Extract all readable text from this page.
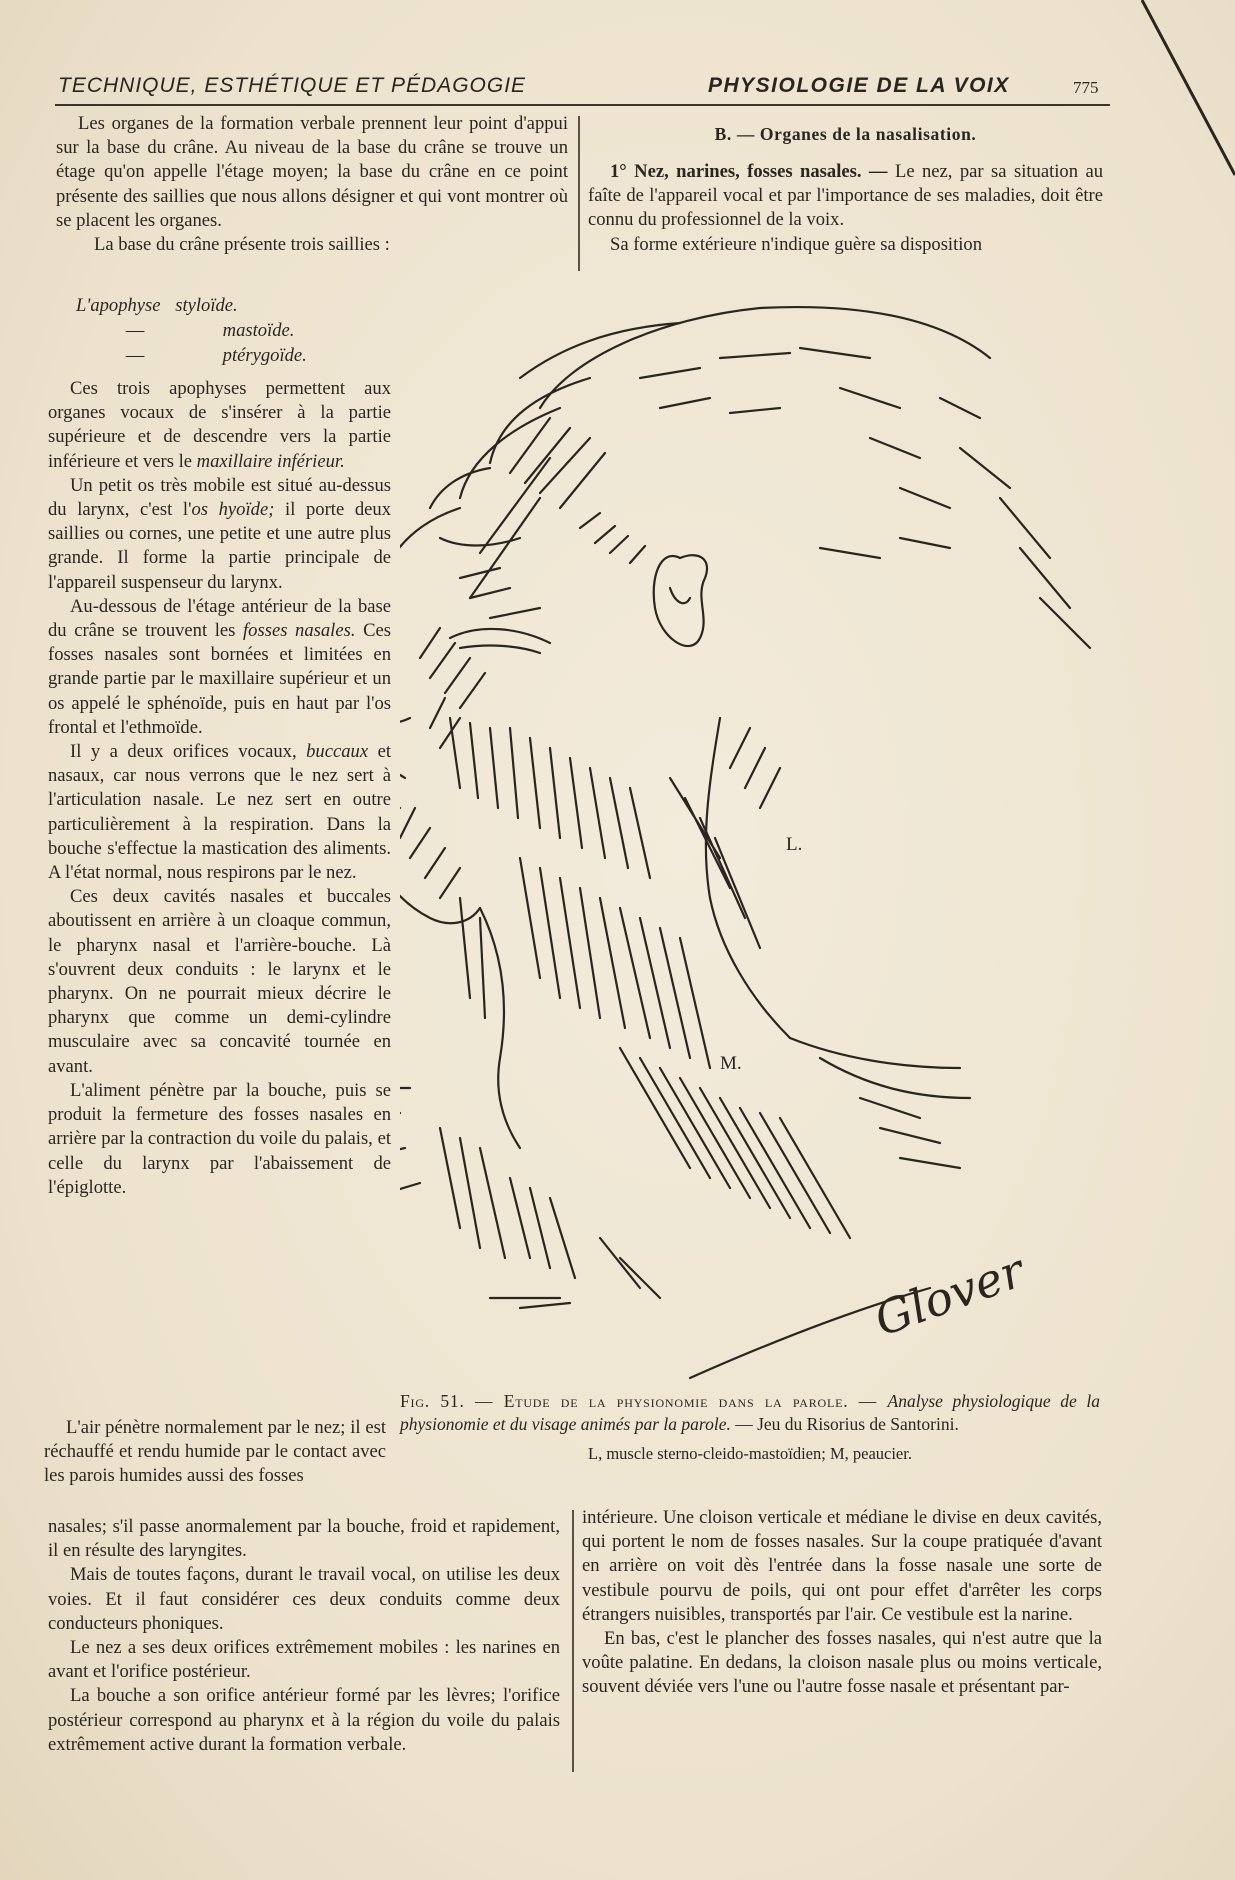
TECHNIQUE, ESTHÉTIQUE ET PÉDAGOGIE	PHYSIOLOGIE DE LA VOIX	775

Les organes de la formation verbale prennent leur point d'appui sur la base du crâne. Au niveau de la base du crâne se trouve un étage qu'on appelle l'étage moyen; la base du crâne en ce point présente des saillies que nous allons désigner et qui vont montrer où se placent les organes.

La base du crâne présente trois saillies :

L'apophyse styloïde.
—	mastoïde.
—	ptérygoïde.

Ces trois apophyses permettent aux organes vocaux de s'insérer à la partie supérieure et de descendre vers la partie inférieure et vers le maxillaire inférieur.

Un petit os très mobile est situé au-dessus du larynx, c'est l'os hyoïde; il porte deux saillies ou cornes, une petite et une autre plus grande. Il forme la partie principale de l'appareil suspenseur du larynx.

Au-dessous de l'étage antérieur de la base du crâne se trouvent les fosses nasales. Ces fosses nasales sont bornées et limitées en grande partie par le maxillaire supérieur et un os appelé le sphénoïde, puis en haut par l'os frontal et l'ethmoïde.

Il y a deux orifices vocaux, buccaux et nasaux, car nous verrons que le nez sert à l'articulation nasale. Le nez sert en outre particulièrement à la respiration. Dans la bouche s'effectue la mastication des aliments. A l'état normal, nous respirons par le nez.

Ces deux cavités nasales et buccales aboutissent en arrière à un cloaque commun, le pharynx nasal et l'arrière-bouche. Là s'ouvrent deux conduits : le larynx et le pharynx. On ne pourrait mieux décrire le pharynx que comme un demi-cylindre musculaire avec sa concavité tournée en avant.

L'aliment pénètre par la bouche, puis se produit la fermeture des fosses nasales en arrière par la contraction du voile du palais, et celle du larynx par l'abaissement de l'épiglotte.

L'air pénètre normalement par le nez; il est réchauffé et rendu humide par le contact avec les parois humides aussi des fosses

nasales; s'il passe anormalement par la bouche, froid et rapidement, il en résulte des laryngites.

Mais de toutes façons, durant le travail vocal, on utilise les deux voies. Et il faut considérer ces deux conduits comme deux conducteurs phoniques.

Le nez a ses deux orifices extrêmement mobiles : les narines en avant et l'orifice postérieur.

La bouche a son orifice antérieur formé par les lèvres; l'orifice postérieur correspond au pharynx et à la région du voile du palais extrêmement active durant la formation verbale.

B. — Organes de la nasalisation.

1° Nez, narines, fosses nasales. — Le nez, par sa situation au faîte de l'appareil vocal et par l'importance de ses maladies, doit être connu du professionnel de la voix.

Sa forme extérieure n'indique guère sa disposition

L.
M.
Glover
Fig. 51. — Etude de la physionomie dans la parole. — Analyse physiologique de la physionomie et du visage animés par la parole. — Jeu du Risorius de Santorini.
L, muscle sterno-cleido-mastoïdien; M, peaucier.

intérieure. Une cloison verticale et médiane le divise en deux cavités, qui portent le nom de fosses nasales. Sur la coupe pratiquée d'avant en arrière on voit dès l'entrée dans la fosse nasale une sorte de vestibule pourvu de poils, qui ont pour effet d'arrêter les corps étrangers nuisibles, transportés par l'air. Ce vestibule est la narine.

En bas, c'est le plancher des fosses nasales, qui n'est autre que la voûte palatine. En dedans, la cloison nasale plus ou moins verticale, souvent déviée vers l'une ou l'autre fosse nasale et présentant par-
